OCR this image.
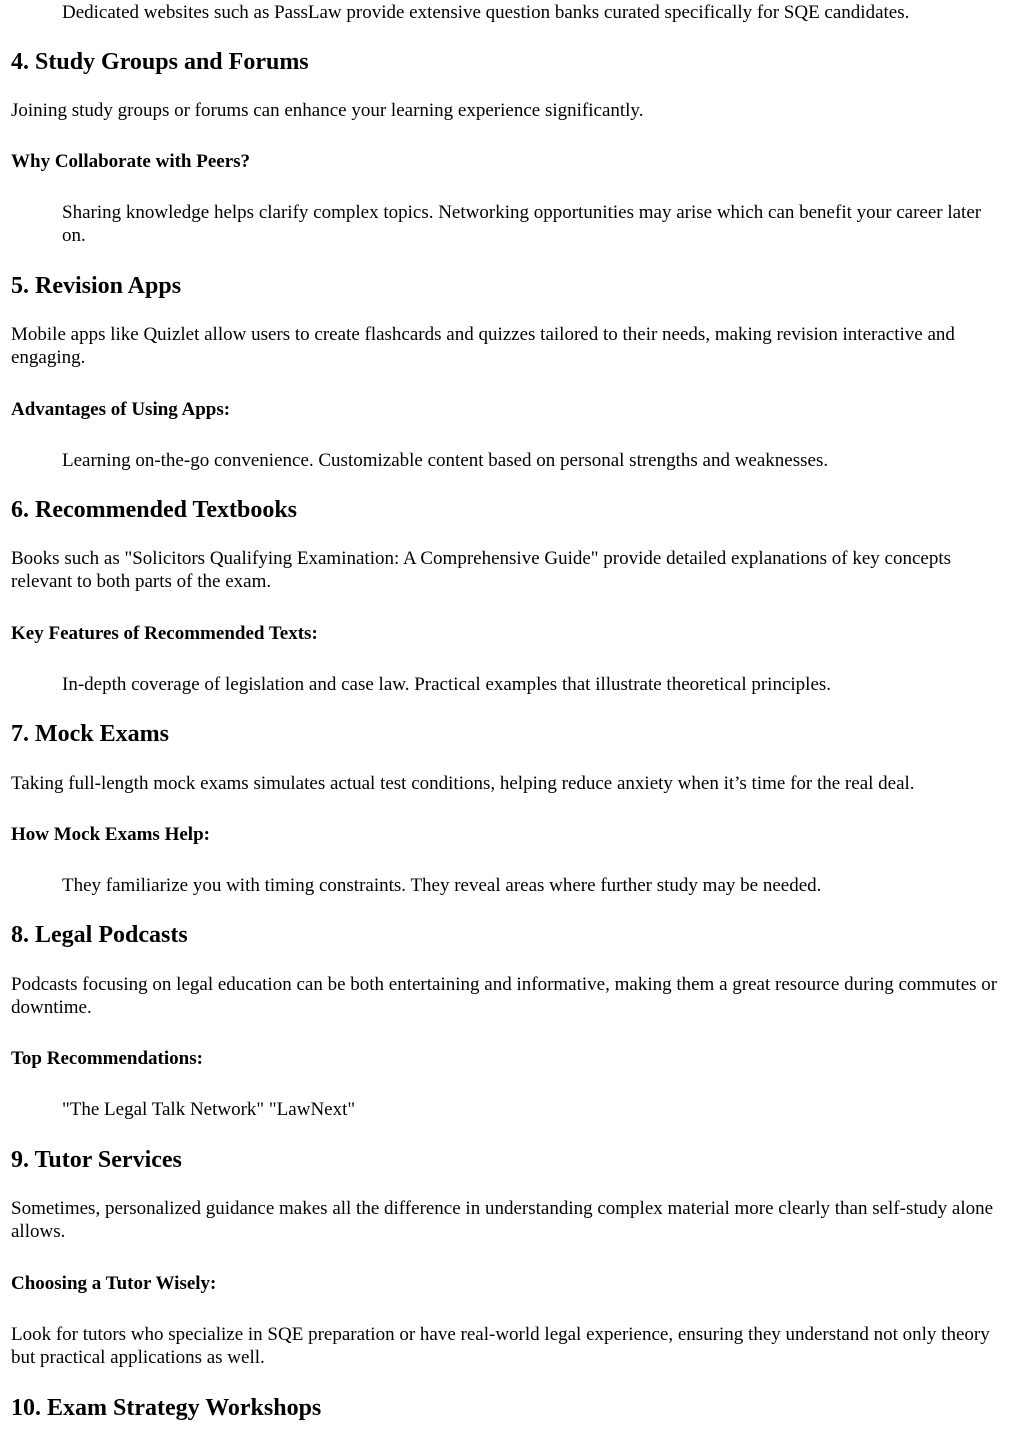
Dedicated websites such as PassLaw provide extensive question banks curated specifically for SQE candidates.
4. Study Groups and Forums

Joining study groups or forums can enhance your learning experience significantly.

Why Collaborate with Peers?
Sharing knowledge helps clarify complex topics. Networking opportunities may arise which can benefit your career later on.
5. Revision Apps

Mobile apps like Quizlet allow users to create flashcards and quizzes tailored to their needs, making revision interactive and engaging.

Advantages of Using Apps:
Learning on-the-go convenience. Customizable content based on personal strengths and weaknesses.
6. Recommended Textbooks

Books such as "Solicitors Qualifying Examination: A Comprehensive Guide" provide detailed explanations of key concepts relevant to both parts of the exam.

Key Features of Recommended Texts:
In-depth coverage of legislation and case law. Practical examples that illustrate theoretical principles.
7. Mock Exams

Taking full-length mock exams simulates actual test conditions, helping reduce anxiety when it’s time for the real deal.

How Mock Exams Help:
They familiarize you with timing constraints. They reveal areas where further study may be needed.
8. Legal Podcasts

Podcasts focusing on legal education can be both entertaining and informative, making them a great resource during commutes or downtime.

Top Recommendations:
"The Legal Talk Network" "LawNext"
9. Tutor Services

Sometimes, personalized guidance makes all the difference in understanding complex material more clearly than self-study alone allows.

Choosing a Tutor Wisely:

Look for tutors who specialize in SQE preparation or have real-world legal experience, ensuring they understand not only theory but practical applications as well.

10. Exam Strategy Workshops
